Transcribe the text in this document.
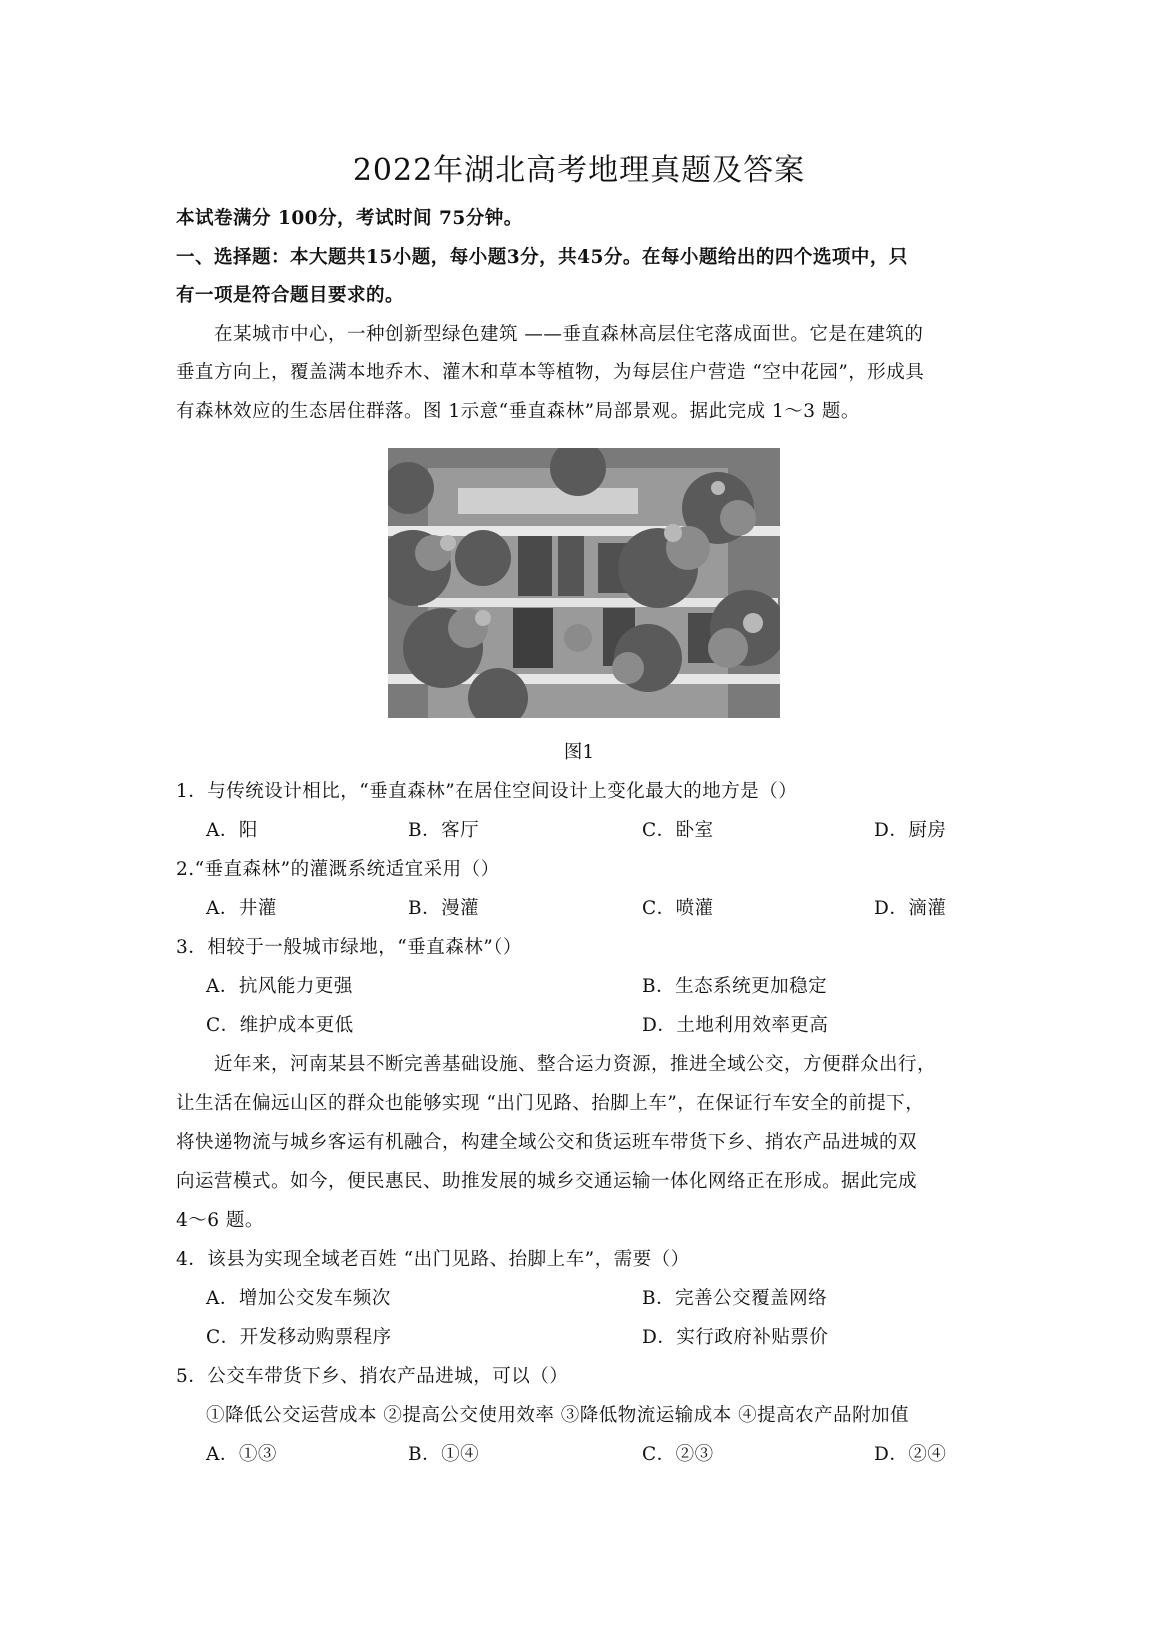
2022年湖北高考地理真题及答案
本试卷满分 100分，考试时间 75分钟。
一、选择题：本大题共15小题，每小题3分，共45分。在每小题给出的四个选项中，只
有一项是符合题目要求的。
在某城市中心，一种创新型绿色建筑 ——垂直森林高层住宅落成面世。它是在建筑的
垂直方向上，覆盖满本地乔木、灌木和草本等植物，为每层住户营造 “空中花园”，形成具
有森林效应的生态居住群落。图 1示意“垂直森林”局部景观。据此完成 1～3 题。
图1
1．与传统设计相比，“垂直森林”在居住空间设计上变化最大的地方是（）
A．阳	B．客厅	C．卧室	D．厨房
2.“垂直森林”的灌溉系统适宜采用（）
A．井灌	B．漫灌	C．喷灌	D．滴灌
3．相较于一般城市绿地，“垂直森林”（）
A．抗风能力更强	B．生态系统更加稳定
C．维护成本更低	D．土地利用效率更高
近年来，河南某县不断完善基础设施、整合运力资源，推进全域公交，方便群众出行，
让生活在偏远山区的群众也能够实现 “出门见路、抬脚上车”，在保证行车安全的前提下，
将快递物流与城乡客运有机融合，构建全域公交和货运班车带货下乡、捎农产品进城的双
向运营模式。如今，便民惠民、助推发展的城乡交通运输一体化网络正在形成。据此完成
4～6 题。
4．该县为实现全域老百姓 “出门见路、抬脚上车”，需要（）
A．增加公交发车频次	B．完善公交覆盖网络
C．开发移动购票程序	D．实行政府补贴票价
5．公交车带货下乡、捎农产品进城，可以（）
①降低公交运营成本 ②提高公交使用效率 ③降低物流运输成本 ④提高农产品附加值
A．①③	B．①④	C．②③	D．②④
